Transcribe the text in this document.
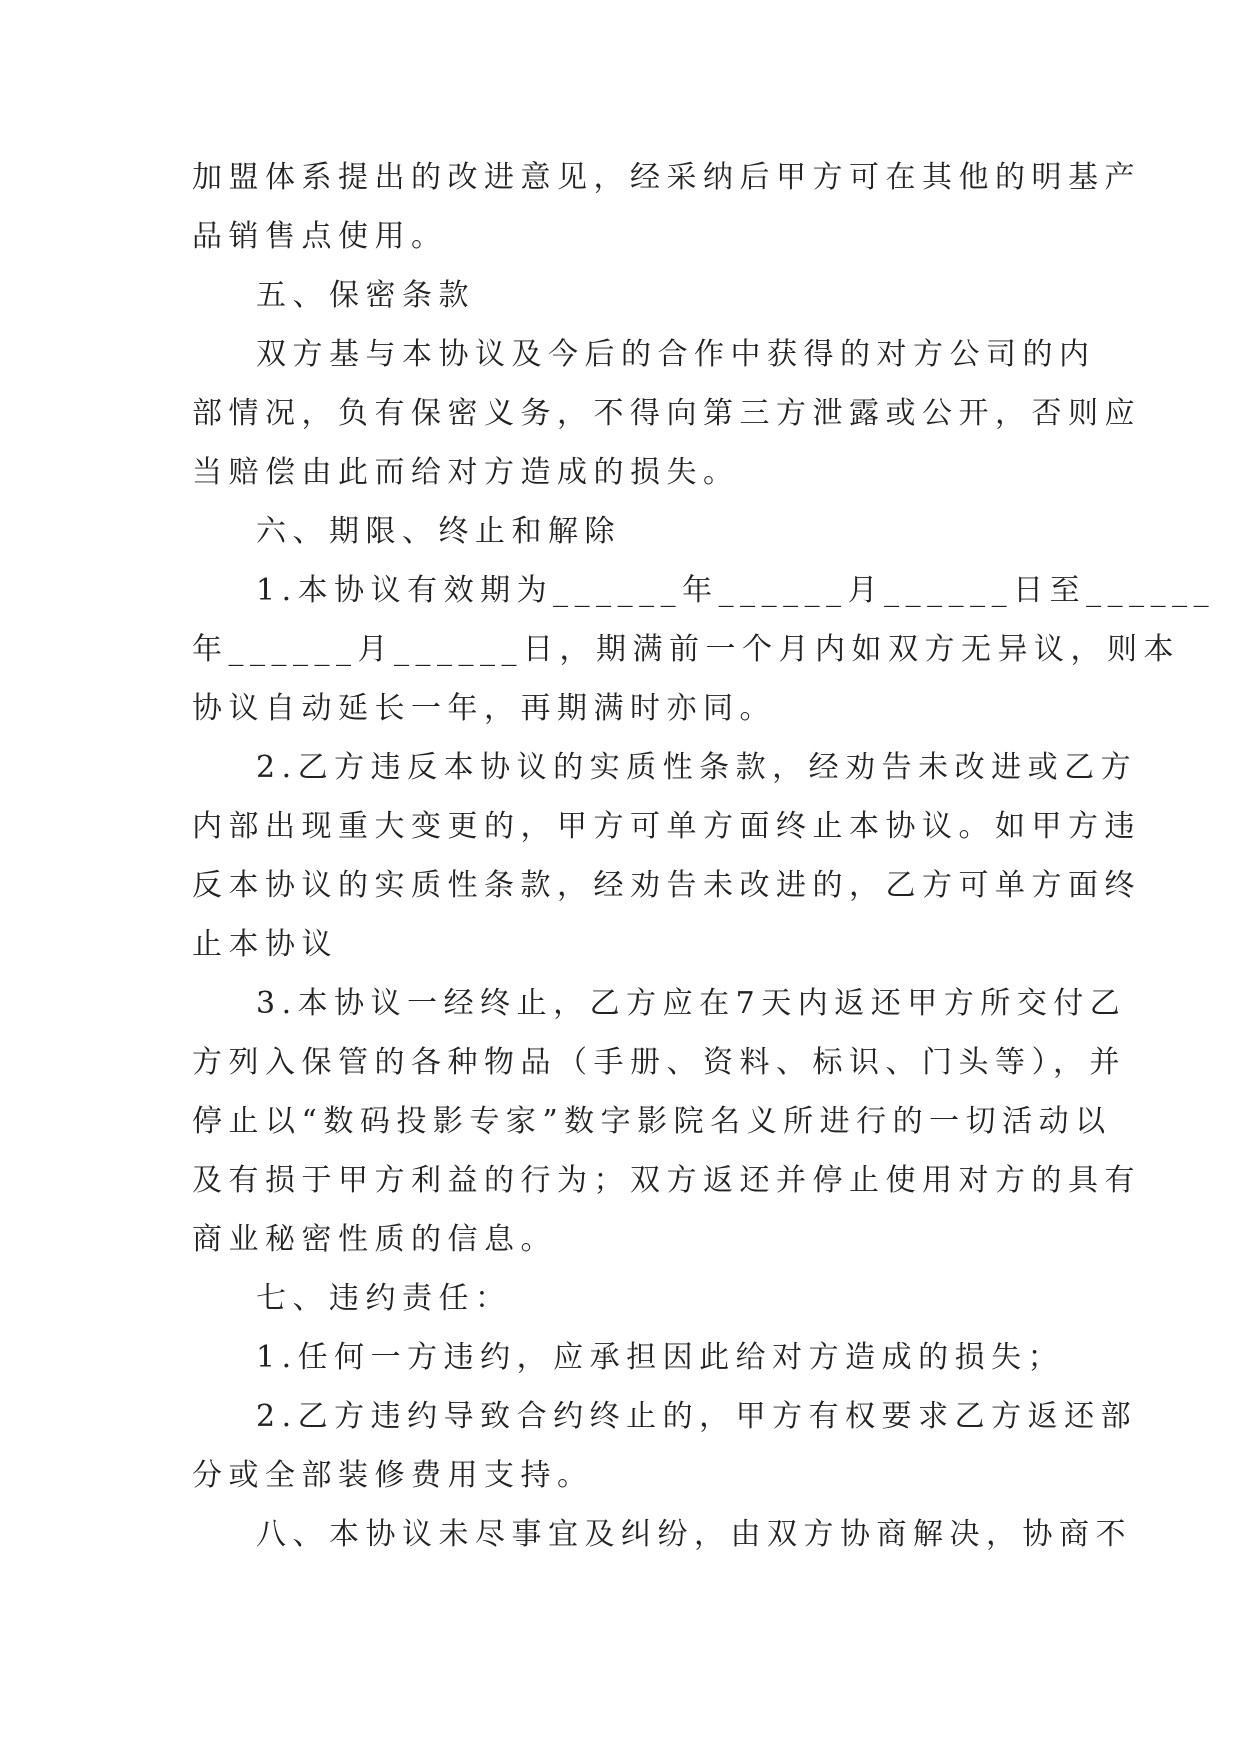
加盟体系提出的改进意见，经采纳后甲方可在其他的明基产
品销售点使用。
五、保密条款
双方基与本协议及今后的合作中获得的对方公司的内
部情况，负有保密义务，不得向第三方泄露或公开，否则应
当赔偿由此而给对方造成的损失。
六、期限、终止和解除
1.本协议有效期为______年______月______日至______
年______月______日，期满前一个月内如双方无异议，则本
协议自动延长一年，再期满时亦同。
2.乙方违反本协议的实质性条款，经劝告未改进或乙方
内部出现重大变更的，甲方可单方面终止本协议。如甲方违
反本协议的实质性条款，经劝告未改进的，乙方可单方面终
止本协议
3.本协议一经终止，乙方应在7天内返还甲方所交付乙
方列入保管的各种物品（手册、资料、标识、门头等），并
停止以“数码投影专家”数字影院名义所进行的一切活动以
及有损于甲方利益的行为；双方返还并停止使用对方的具有
商业秘密性质的信息。
七、违约责任：
1.任何一方违约，应承担因此给对方造成的损失；
2.乙方违约导致合约终止的，甲方有权要求乙方返还部
分或全部装修费用支持。
八、本协议未尽事宜及纠纷，由双方协商解决，协商不
